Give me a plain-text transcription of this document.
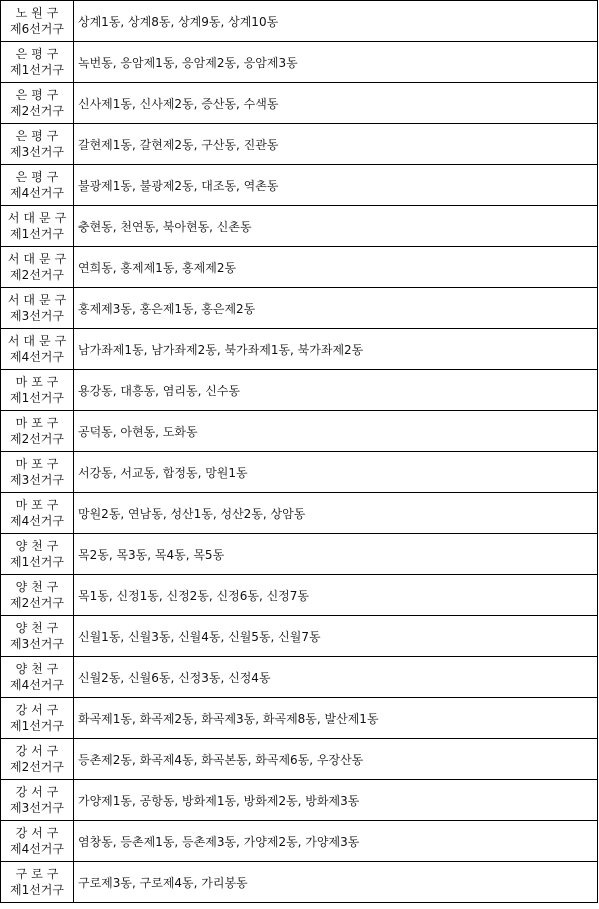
노원구
제6선거구	상계1동, 상계8동, 상계9동, 상계10동

은평구
제1선거구	녹번동, 응암제1동, 응암제2동, 응암제3동

은평구
제2선거구	신사제1동, 신사제2동, 증산동, 수색동

은평구
제3선거구	갈현제1동, 갈현제2동, 구산동, 진관동

은평구
제4선거구	불광제1동, 불광제2동, 대조동, 역촌동

서대문구
제1선거구	충현동, 천연동, 북아현동, 신촌동

서대문구
제2선거구	연희동, 홍제제1동, 홍제제2동

서대문구
제3선거구	홍제제3동, 홍은제1동, 홍은제2동

서대문구
제4선거구	남가좌제1동, 남가좌제2동, 북가좌제1동, 북가좌제2동

마포구
제1선거구	용강동, 대흥동, 염리동, 신수동

마포구
제2선거구	공덕동, 아현동, 도화동

마포구
제3선거구	서강동, 서교동, 합정동, 망원1동

마포구
제4선거구	망원2동, 연남동, 성산1동, 성산2동, 상암동

양천구
제1선거구	목2동, 목3동, 목4동, 목5동

양천구
제2선거구	목1동, 신정1동, 신정2동, 신정6동, 신정7동

양천구
제3선거구	신월1동, 신월3동, 신월4동, 신월5동, 신월7동

양천구
제4선거구	신월2동, 신월6동, 신정3동, 신정4동

강서구
제1선거구	화곡제1동, 화곡제2동, 화곡제3동, 화곡제8동, 발산제1동

강서구
제2선거구	등촌제2동, 화곡제4동, 화곡본동, 화곡제6동, 우장산동

강서구
제3선거구	가양제1동, 공항동, 방화제1동, 방화제2동, 방화제3동

강서구
제4선거구	염창동, 등촌제1동, 등촌제3동, 가양제2동, 가양제3동

구로구
제1선거구	구로제3동, 구로제4동, 가리봉동
